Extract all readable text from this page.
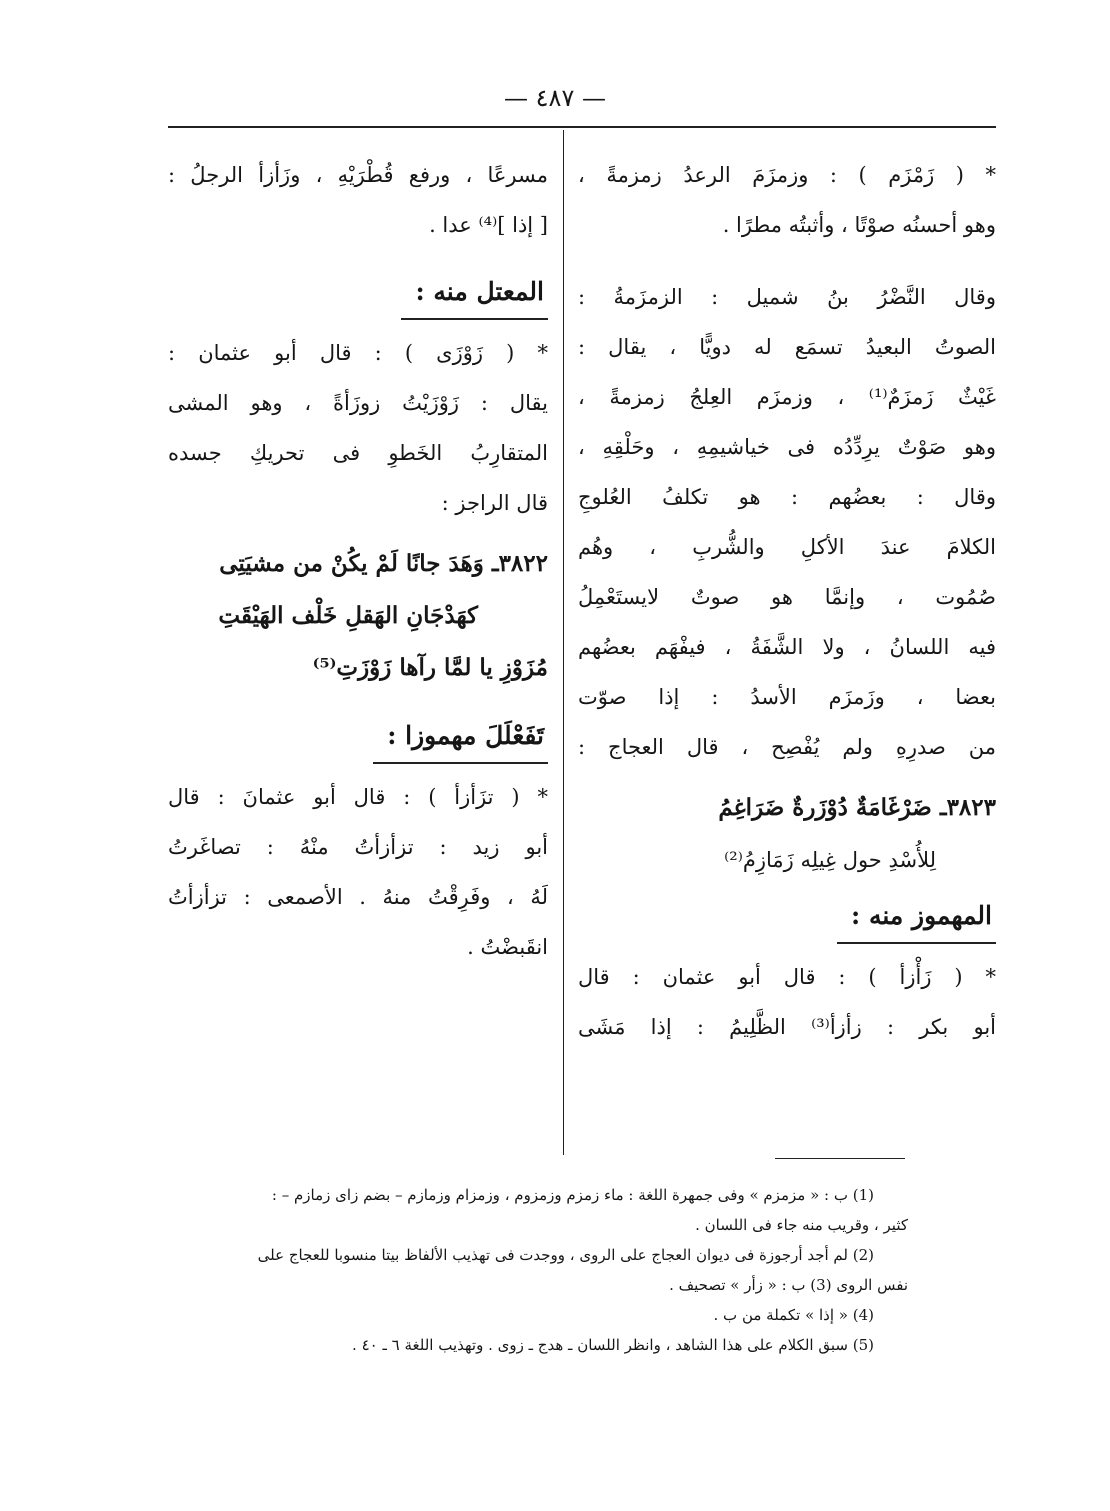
— ٤٨٧ —
* ( زَمْزَم ) : وزمزَمَ الرعدُ زمزمةً ،
وهو أحسنُه صوْتًا ، وأثبتُه مطرًا .
وقال النَّضْرُ بنُ شميل : الزمزَمةُ :
الصوتُ البعيدُ تسمَع له دويًّا ، يقال :
غَيْثٌ زَمزَمٌ⁽¹⁾ ، وزمزَم العِلجُ زمزمةً ،
وهو صَوْتٌ يرِدِّدُه فى خياشيمِهِ ، وحَلْقِهِ ،
وقال : بعضُهم : هو تكلفُ العُلوجِ
الكلامَ عندَ الأكلِ والشُّربِ ، وهُم
صُمُوت ، وإنمَّا هو صوتٌ لايستَعْمِلُ
فيه اللسانُ ، ولا الشَّفَةُ ، فيفْهَم بعضُهم
بعضا ، وزَمزَم الأسدُ : إذا صوّت
من صدرِهِ ولم يُفْصِح ، قال العجاج :
٣٨٢٣ـ ضَرْغَامَةٌ دُوْزَرةٌ ضَرَاغِمُ
لِلأُسْدِ حول غِيلِه زَمَازِمُ⁽²⁾
المهموز منه :
* ( زَأْزأ ) : قال أبو عثمان : قال
أبو بكر : زأزأ⁽³⁾ الظَّلِيمُ : إذا مَشَى
مسرعًا ، ورفع قُطْرَيْهِ ، وزَأزأ الرجلُ :
[ إذا ]⁽⁴⁾ عدا .
المعتل منه :
* ( زَوْزَى ) : قال أبو عثمان :
يقال : زَوْزَيْتُ زوزَأةً ، وهو المشى
المتقارِبُ الخَطوِ فى تحريكِ جسده
قال الراجز :
٣٨٢٢ـ وَهَدَ جانًا لَمْ يكُنْ من مشيَتِى
كهَدْجَانِ الهَقلِ خَلْف الهَيْقَتِ
مُزَوْزِ يا لمَّا رآها زَوْزَتِ⁽⁵⁾
تَفَعْلَلَ مهموزا :
* ( تزَأزأ ) : قال أبو عثمانَ : قال
أبو زيد : تزأزأتُ منْهُ : تصاغَرتُ
لَهُ ، وفَرِقْتُ منهُ . الأصمعى : تزأزأتُ
انقَبضْتُ .
(1) ب : « مزمزم » وفى جمهرة اللغة : ماء زمزم وزمزوم ، وزمزام وزمازم – بضم زاى زمازم – :
كثير ، وقريب منه جاء فى اللسان .
(2) لم أجد أرجوزة فى ديوان العجاج على الروى ، ووجدت فى تهذيب الألفاظ بيتا منسوبا للعجاج على
نفس الروى (3) ب : « زأر » تصحيف .
(4) « إذا » تكملة من ب .
(5) سبق الكلام على هذا الشاهد ، وانظر اللسان ـ هدج ـ زوى . وتهذيب اللغة ٦ ـ ٤٠ .
